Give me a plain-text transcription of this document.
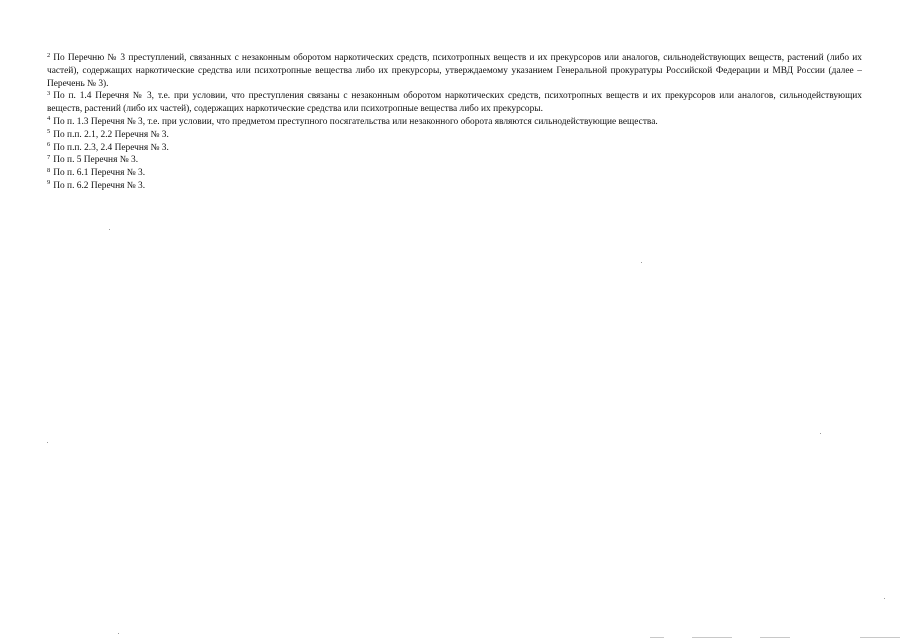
$^2$ По Перечню № 3 преступлений, связанных с незаконным оборотом наркотических средств, психотропных веществ и их прекурсоров или аналогов, сильнодействующих веществ, растений (либо их частей), содержащих наркотические средства или психотропные вещества либо их прекурсоры, утверждаемому указанием Генеральной прокуратуры Российской Федерации и МВД России (далее – Перечень № 3).

$^3$ По п. 1.4 Перечня № 3, т.е. при условии, что преступления связаны с незаконным оборотом наркотических средств, психотропных веществ и их прекурсоров или аналогов, сильнодействующих веществ, растений (либо их частей), содержащих наркотические средства или психотропные вещества либо их прекурсоры.

$^4$ По п. 1.3 Перечня № 3, т.е. при условии, что предметом преступного посягательства или незаконного оборота являются сильнодействующие вещества.

$^5$ По п.п. 2.1, 2.2 Перечня № 3.

$^6$ По п.п. 2.3, 2.4 Перечня № 3.

$^7$ По п. 5 Перечня № 3.

$^8$ По п. 6.1 Перечня № 3.

$^9$ По п. 6.2 Перечня № 3.
